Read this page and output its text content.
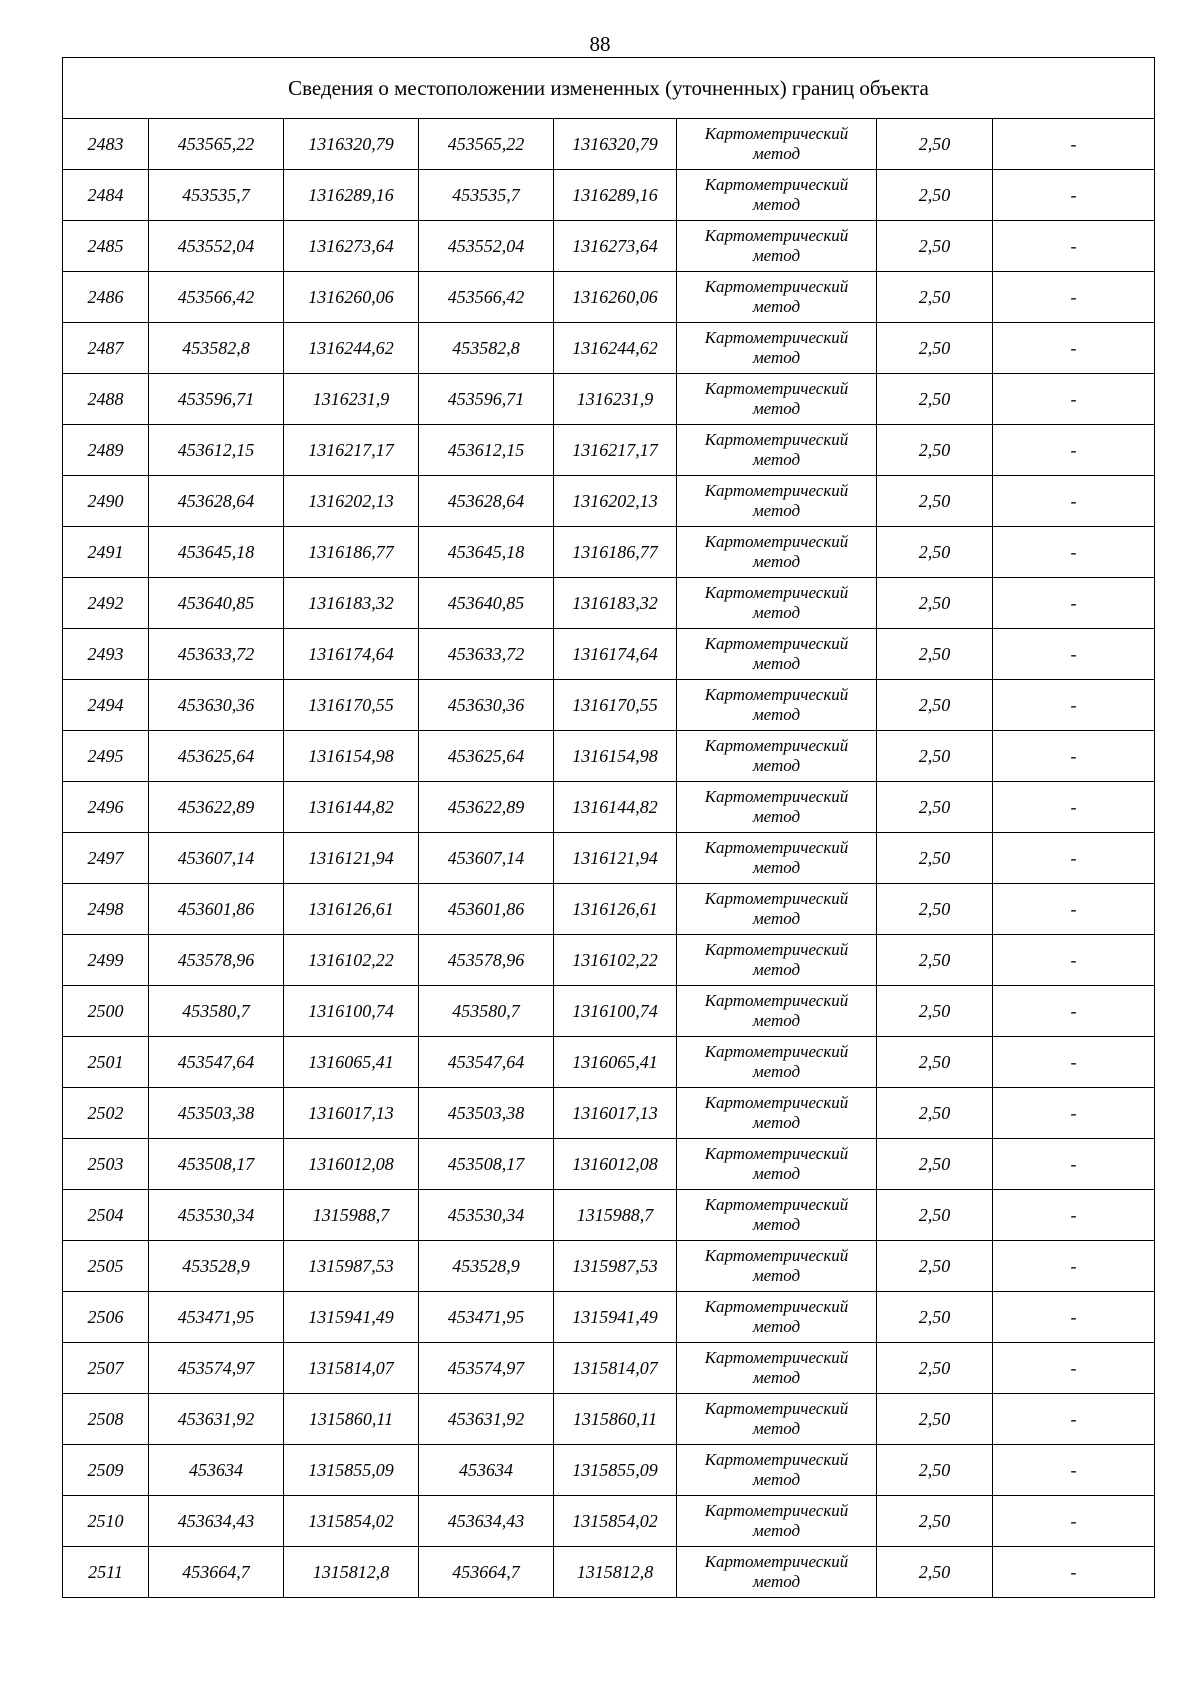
88
Сведения о местоположении измененных (уточненных) границ объекта							
2483	453565,22	1316320,79	453565,22	1316320,79	Картометрический
метод	2,50	-
2484	453535,7	1316289,16	453535,7	1316289,16	Картометрический
метод	2,50	-
2485	453552,04	1316273,64	453552,04	1316273,64	Картометрический
метод	2,50	-
2486	453566,42	1316260,06	453566,42	1316260,06	Картометрический
метод	2,50	-
2487	453582,8	1316244,62	453582,8	1316244,62	Картометрический
метод	2,50	-
2488	453596,71	1316231,9	453596,71	1316231,9	Картометрический
метод	2,50	-
2489	453612,15	1316217,17	453612,15	1316217,17	Картометрический
метод	2,50	-
2490	453628,64	1316202,13	453628,64	1316202,13	Картометрический
метод	2,50	-
2491	453645,18	1316186,77	453645,18	1316186,77	Картометрический
метод	2,50	-
2492	453640,85	1316183,32	453640,85	1316183,32	Картометрический
метод	2,50	-
2493	453633,72	1316174,64	453633,72	1316174,64	Картометрический
метод	2,50	-
2494	453630,36	1316170,55	453630,36	1316170,55	Картометрический
метод	2,50	-
2495	453625,64	1316154,98	453625,64	1316154,98	Картометрический
метод	2,50	-
2496	453622,89	1316144,82	453622,89	1316144,82	Картометрический
метод	2,50	-
2497	453607,14	1316121,94	453607,14	1316121,94	Картометрический
метод	2,50	-
2498	453601,86	1316126,61	453601,86	1316126,61	Картометрический
метод	2,50	-
2499	453578,96	1316102,22	453578,96	1316102,22	Картометрический
метод	2,50	-
2500	453580,7	1316100,74	453580,7	1316100,74	Картометрический
метод	2,50	-
2501	453547,64	1316065,41	453547,64	1316065,41	Картометрический
метод	2,50	-
2502	453503,38	1316017,13	453503,38	1316017,13	Картометрический
метод	2,50	-
2503	453508,17	1316012,08	453508,17	1316012,08	Картометрический
метод	2,50	-
2504	453530,34	1315988,7	453530,34	1315988,7	Картометрический
метод	2,50	-
2505	453528,9	1315987,53	453528,9	1315987,53	Картометрический
метод	2,50	-
2506	453471,95	1315941,49	453471,95	1315941,49	Картометрический
метод	2,50	-
2507	453574,97	1315814,07	453574,97	1315814,07	Картометрический
метод	2,50	-
2508	453631,92	1315860,11	453631,92	1315860,11	Картометрический
метод	2,50	-
2509	453634	1315855,09	453634	1315855,09	Картометрический
метод	2,50	-
2510	453634,43	1315854,02	453634,43	1315854,02	Картометрический
метод	2,50	-
2511	453664,7	1315812,8	453664,7	1315812,8	Картометрический
метод	2,50	-
